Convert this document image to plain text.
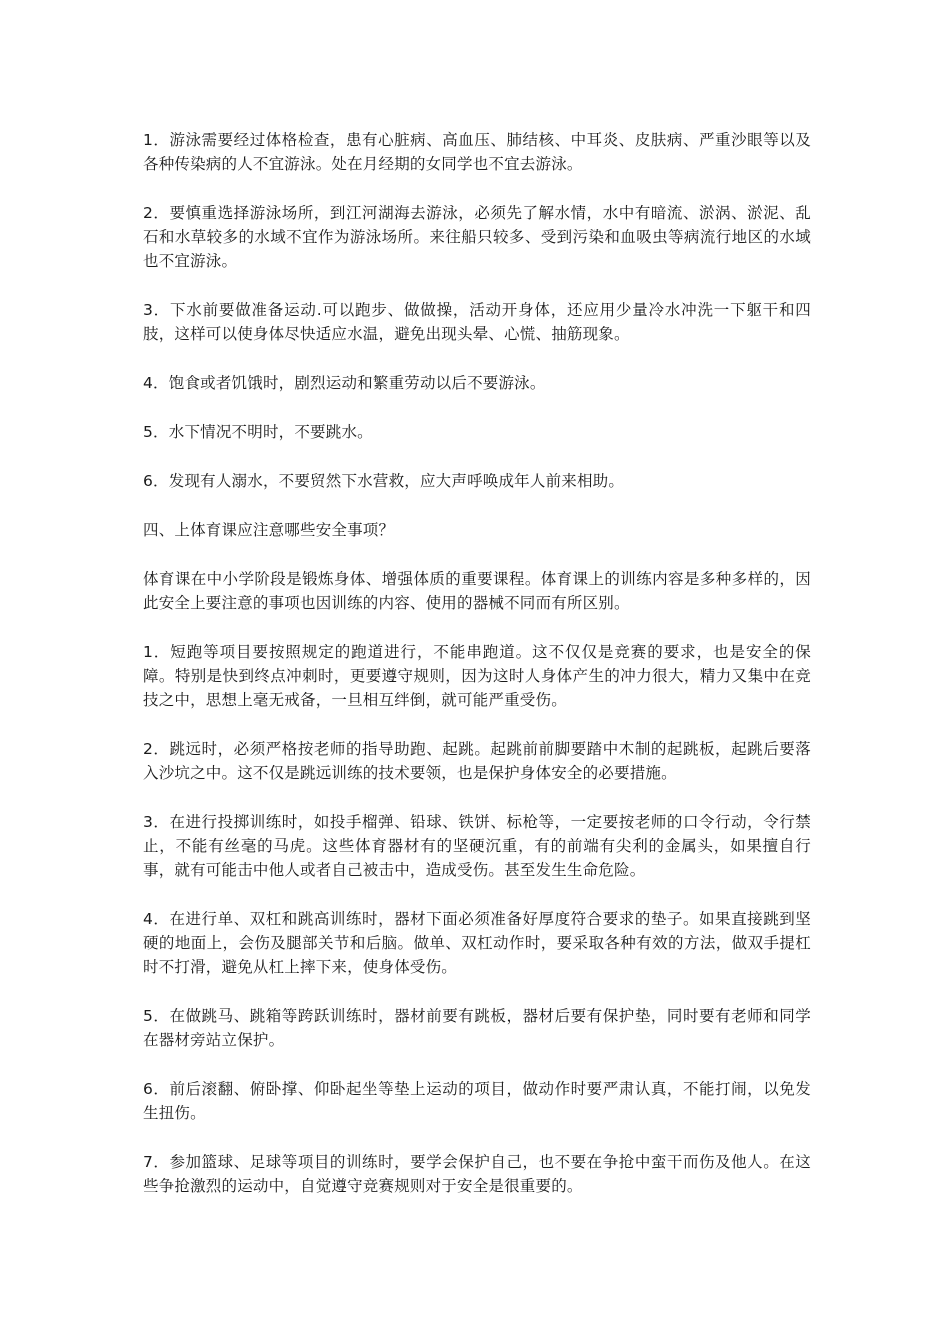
1．游泳需要经过体格检查，患有心脏病、高血压、肺结核、中耳炎、皮肤病、严重沙眼等以及各种传染病的人不宜游泳。处在月经期的女同学也不宜去游泳。

2．要慎重选择游泳场所，到江河湖海去游泳，必须先了解水情，水中有暗流、淤涡、淤泥、乱石和水草较多的水域不宜作为游泳场所。来往船只较多、受到污染和血吸虫等病流行地区的水域也不宜游泳。

3．下水前要做准备运动.可以跑步、做做操，活动开身体，还应用少量冷水冲洗一下躯干和四肢，这样可以使身体尽快适应水温，避免出现头晕、心慌、抽筋现象。

4．饱食或者饥饿时，剧烈运动和繁重劳动以后不要游泳。

5．水下情况不明时，不要跳水。

6．发现有人溺水，不要贸然下水营救，应大声呼唤成年人前来相助。

四、上体育课应注意哪些安全事项？

体育课在中小学阶段是锻炼身体、增强体质的重要课程。体育课上的训练内容是多种多样的，因此安全上要注意的事项也因训练的内容、使用的器械不同而有所区别。

1．短跑等项目要按照规定的跑道进行，不能串跑道。这不仅仅是竞赛的要求，也是安全的保障。特别是快到终点冲刺时，更要遵守规则，因为这时人身体产生的冲力很大，精力又集中在竞技之中，思想上毫无戒备，一旦相互绊倒，就可能严重受伤。

2．跳远时，必须严格按老师的指导助跑、起跳。起跳前前脚要踏中木制的起跳板，起跳后要落入沙坑之中。这不仅是跳远训练的技术要领，也是保护身体安全的必要措施。

3．在进行投掷训练时，如投手榴弹、铅球、铁饼、标枪等，一定要按老师的口令行动，令行禁止，不能有丝毫的马虎。这些体育器材有的坚硬沉重，有的前端有尖利的金属头，如果擅自行事，就有可能击中他人或者自己被击中，造成受伤。甚至发生生命危险。

4．在进行单、双杠和跳高训练时，器材下面必须准备好厚度符合要求的垫子。如果直接跳到坚硬的地面上，会伤及腿部关节和后脑。做单、双杠动作时，要采取各种有效的方法，做双手提杠时不打滑，避免从杠上摔下来，使身体受伤。

5．在做跳马、跳箱等跨跃训练时，器材前要有跳板，器材后要有保护垫，同时要有老师和同学在器材旁站立保护。

6．前后滚翻、俯卧撑、仰卧起坐等垫上运动的项目，做动作时要严肃认真，不能打闹，以免发生扭伤。

7．参加篮球、足球等项目的训练时，要学会保护自己，也不要在争抢中蛮干而伤及他人。在这些争抢激烈的运动中，自觉遵守竞赛规则对于安全是很重要的。
